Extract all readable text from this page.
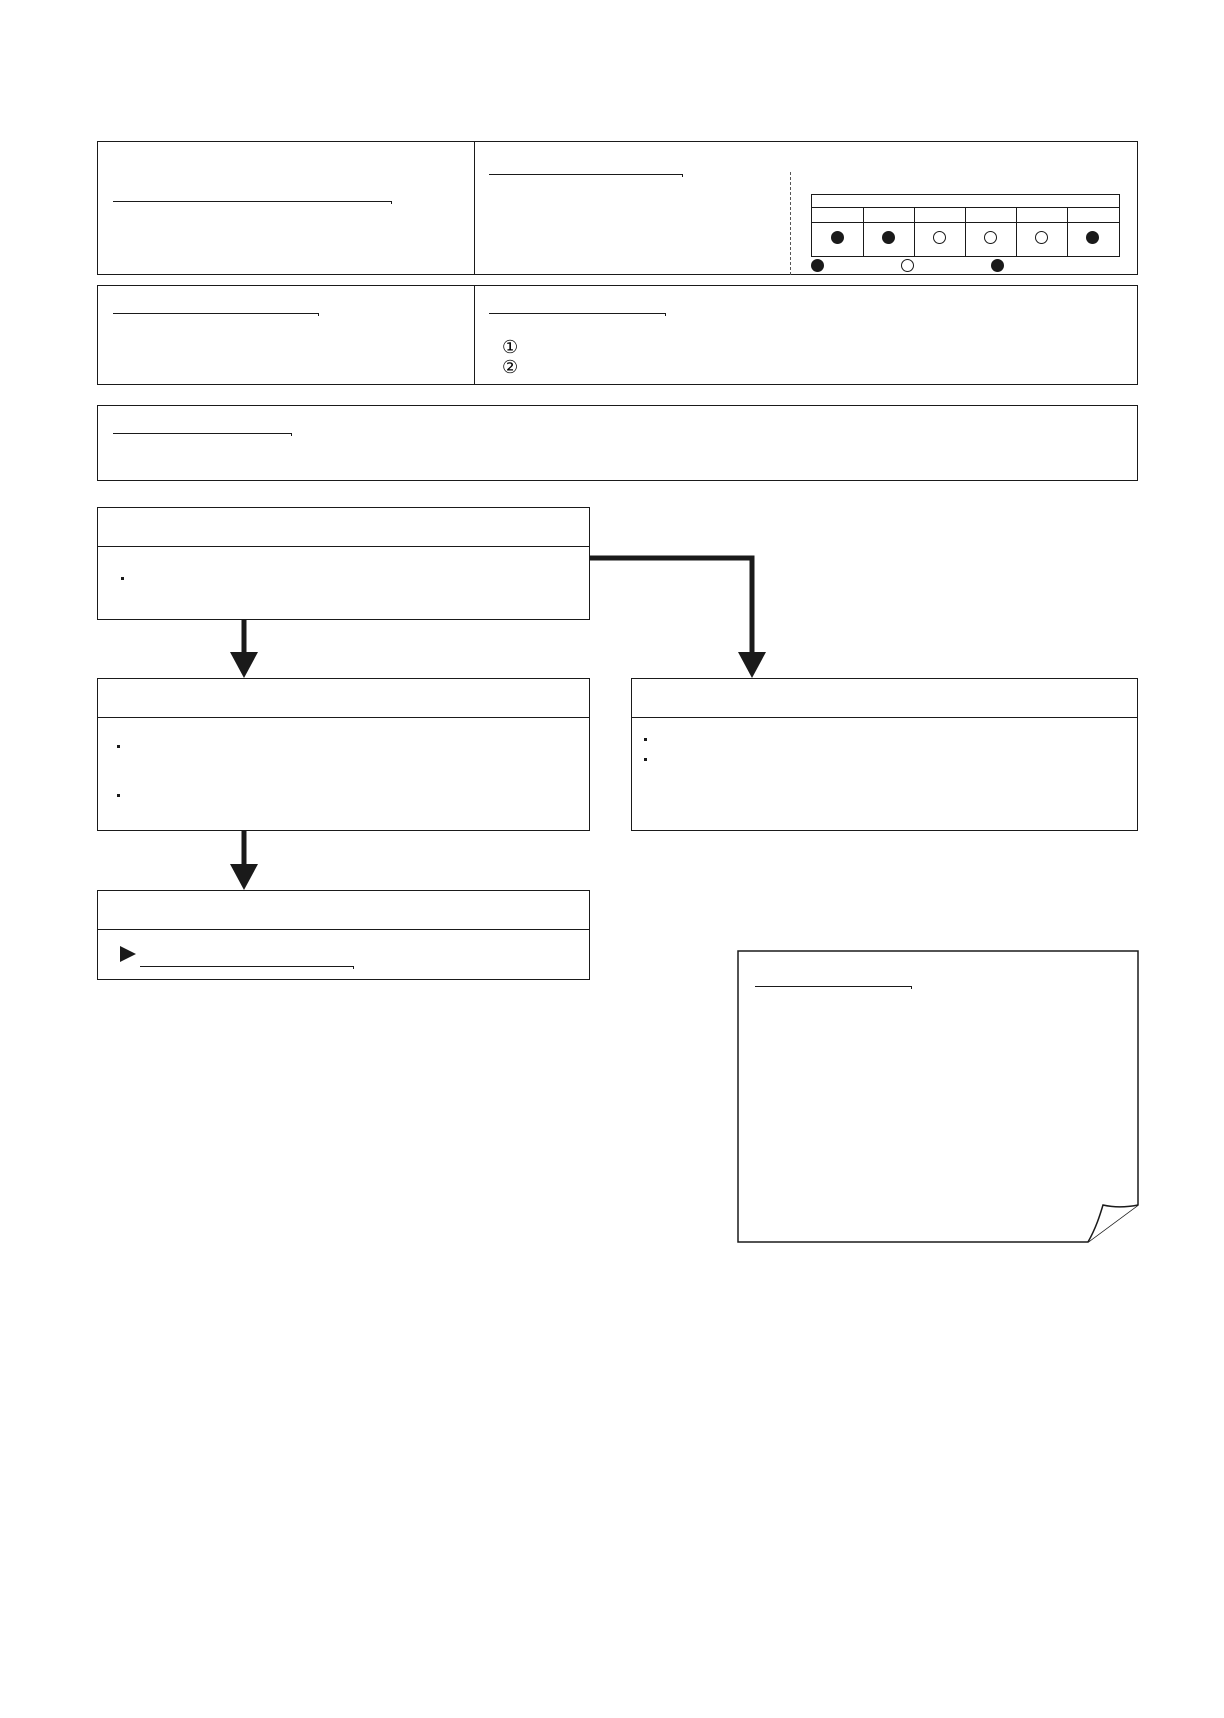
①
②
